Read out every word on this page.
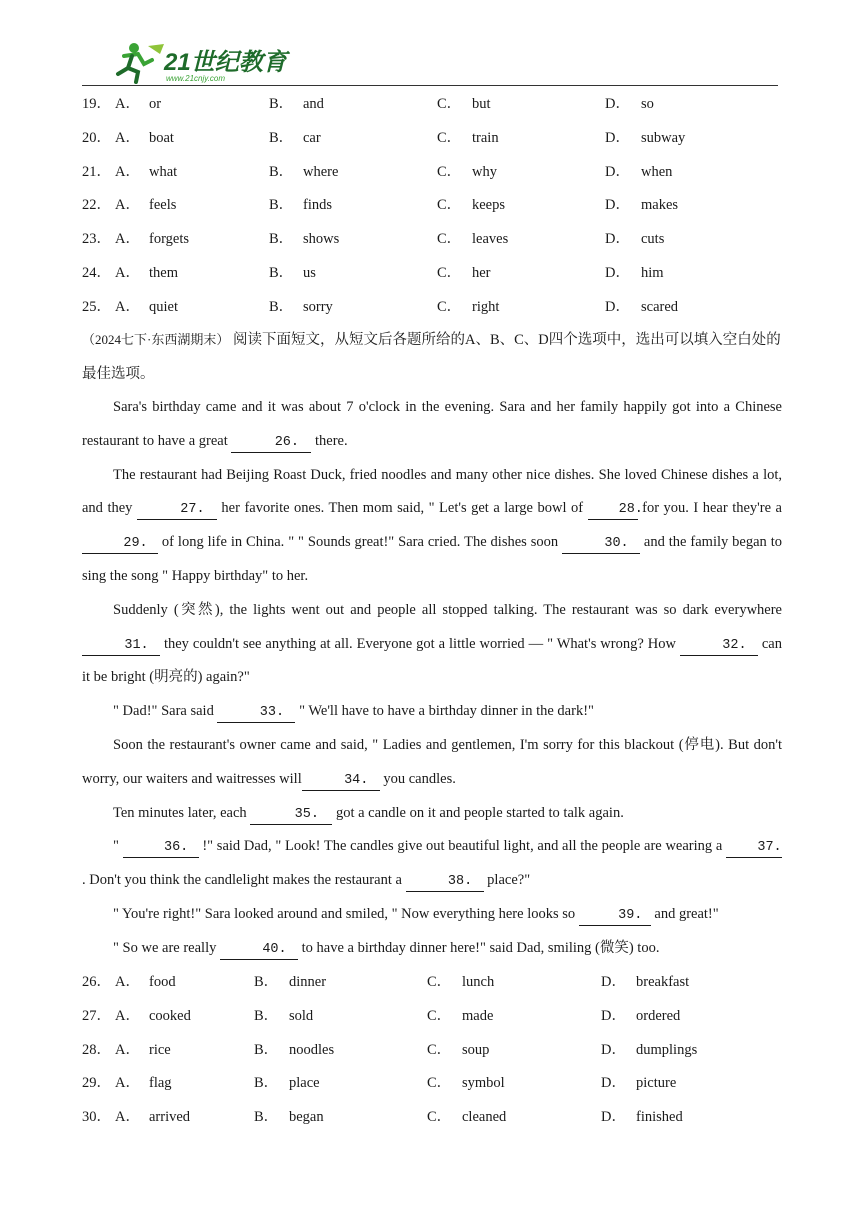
21世纪教育
www.21cnjy.com
19． A． or	B． and	C． but	D． so
20． A． boat	B． car	C． train	D． subway
21． A． what	B． where	C． why	D． when
22． A． feels	B． finds	C． keeps	D． makes
23． A． forgets	B． shows	C． leaves	D． cuts
24． A． them	B． us	C． her	D． him
25． A． quiet	B． sorry	C． right	D． scared
（2024七下·东西湖期末） 阅读下面短文，从短文后各题所给的A、B、C、D四个选项中，选出可以填入空白处的最佳选项。

Sara's birthday came and it was about 7 o'clock in the evening. Sara and her family happily got into a Chinese restaurant to have a great	26. there.

The restaurant had Beijing Roast Duck, fried noodles and many other nice dishes. She loved Chinese dishes a lot, and they	27. her favorite ones. Then mom said, " Let's get a large bowl of 28. for you. I hear they're a 29. of long life in China. " " Sounds great!" Sara cried. The dishes soon	30. and the family began to sing the song " Happy birthday" to her.

Suddenly (突然), the lights went out and people all stopped talking. The restaurant was so dark everywhere 31. they couldn't see anything at all. Everyone got a little worried — " What's wrong? How	32. can it be bright (明亮的) again?"

" Dad!" Sara said	33. " We'll have to have a birthday dinner in the dark!"

Soon the restaurant's owner came and said, " Ladies and gentlemen, I'm sorry for this blackout (停电). But don't worry, our waiters and waitresses will	34. you candles.

Ten minutes later, each	35. got a candle on it and people started to talk again.

"	36. !" said Dad, " Look! The candles give out beautiful light, and all the people are wearing a 37. . Don't you think the candlelight makes the restaurant a	38. place?"

" You're right!" Sara looked around and smiled, " Now everything here looks so	39. and great!"

" So we are really	40. to have a birthday dinner here!" said Dad, smiling (微笑) too.

26． A． food	B． dinner	C． lunch	D． breakfast
27． A． cooked	B． sold	C． made	D． ordered
28． A． rice	B． noodles	C． soup	D． dumplings
29． A． flag	B． place	C． symbol	D． picture
30． A． arrived	B． began	C． cleaned	D． finished
